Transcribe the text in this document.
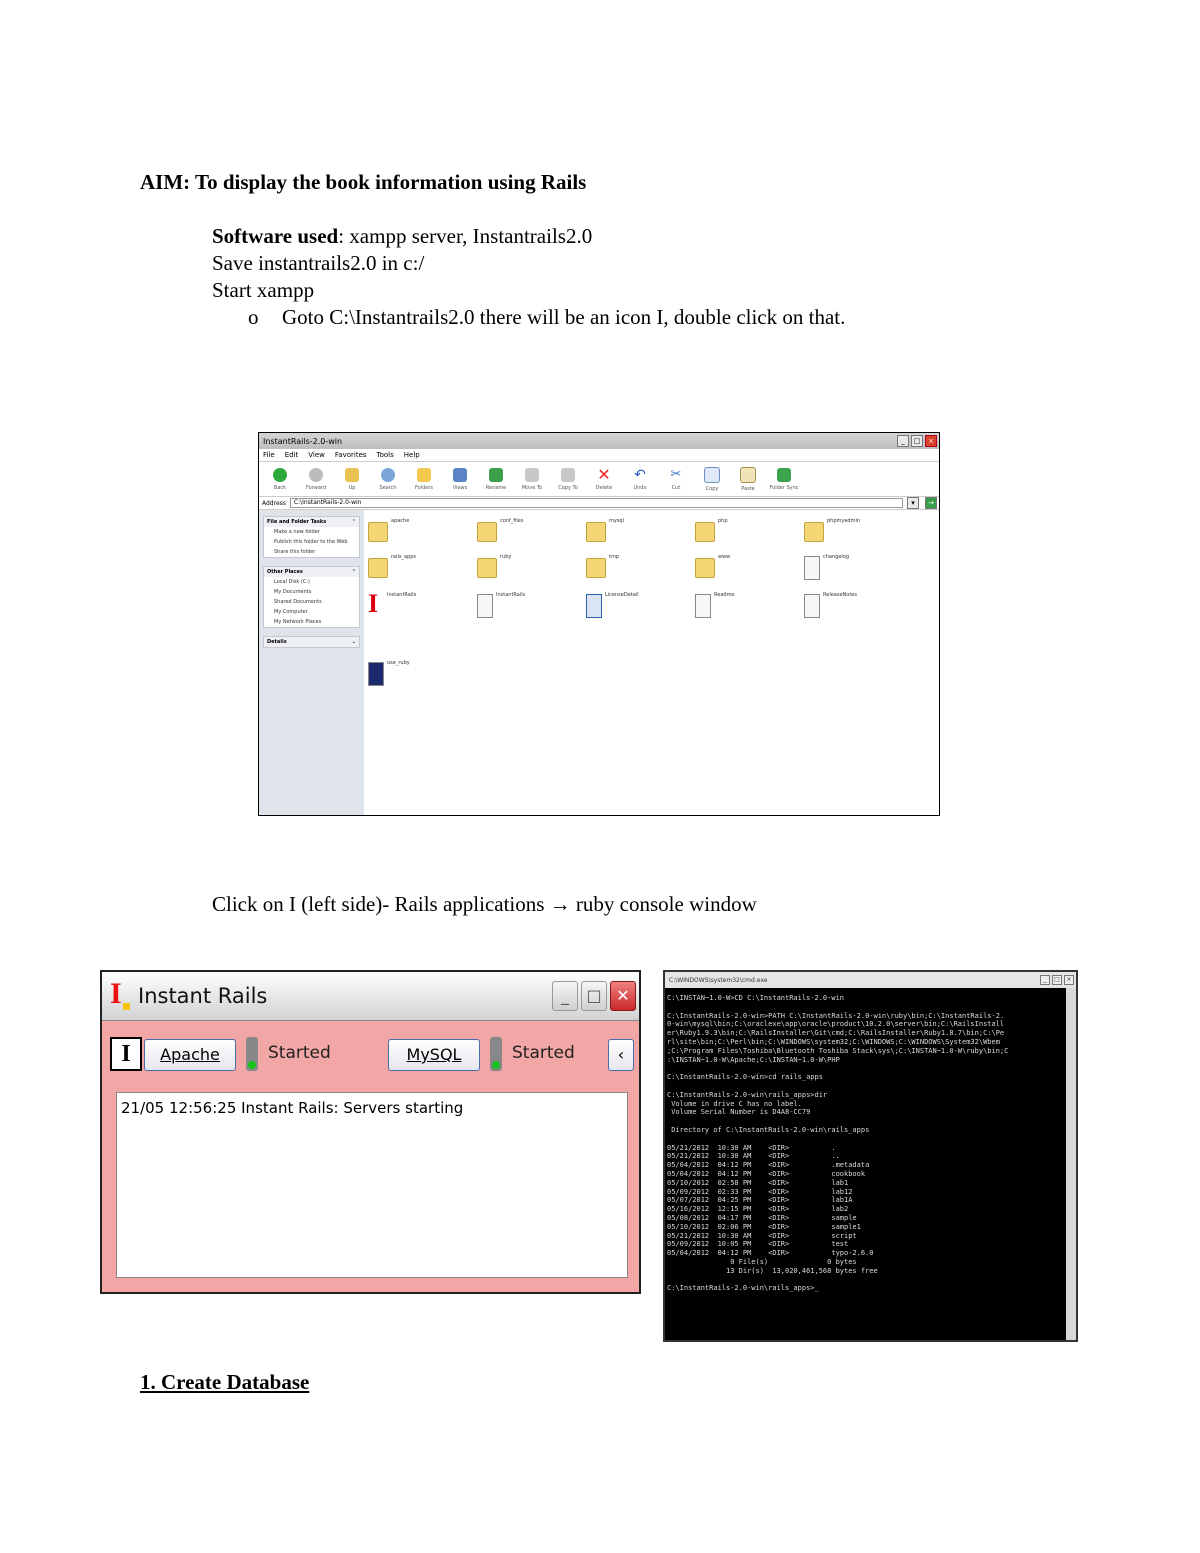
AIM: To display the book information using Rails
Software used: xampp server, Instantrails2.0
Save instantrails2.0 in c:/
Start xampp
o Goto C:\Instantrails2.0 there will be an icon I, double click on that.
InstantRails-2.0-win	_	□	×
File Edit View Favorites Tools Help
Back	Forward	Up	Search	Folders	Views	Rename	Move To	Copy To
✕
Delete
↶
Undo
✂
Cut	Copy	Paste	Folder Sync
Address	C:\InstantRails-2.0-win	▾	→
File and Folder Tasks	⌃
Make a new folder
Publish this folder to the Web
Share this folder
Other Places	⌃
Local Disk (C:)
My Documents
Shared Documents
My Computer
My Network Places
Details	⌄
apache	conf_files	mysql	php	phpmyadmin
rails_apps	ruby	tmp	www	changelog
I	InstantRails	InstantRails	LicenseDetail	Readme	ReleaseNotes
use_ruby
Click on I (left side)- Rails applications → ruby console window
I Instant Rails	_	□ ✕
I	Apache	Started	MySQL	Started	‹
21/05 12:56:25 Instant Rails: Servers starting
C:\WINDOWS\system32\cmd.exe	_	□	×
C:\INSTAN~1.0-W>CD C:\InstantRails-2.0-win

C:\InstantRails-2.0-win>PATH C:\InstantRails-2.0-win\ruby\bin;C:\InstantRails-2.
0-win\mysql\bin;C:\oraclexe\app\oracle\product\10.2.0\server\bin;C:\RailsInstall
er\Ruby1.9.3\bin;C:\RailsInstaller\Git\cmd;C:\RailsInstaller\Ruby1.8.7\bin;C:\Pe
rl\site\bin;C:\Perl\bin;C:\WINDOWS\system32;C:\WINDOWS;C:\WINDOWS\System32\Wbem
;C:\Program Files\Toshiba\Bluetooth Toshiba Stack\sys\;C:\INSTAN~1.0-W\ruby\bin;C
:\INSTAN~1.0-W\Apache;C:\INSTAN~1.0-W\PHP

C:\InstantRails-2.0-win>cd rails_apps

C:\InstantRails-2.0-win\rails_apps>dir
Volume in drive C has no label.
Volume Serial Number is D4A8-CC79

Directory of C:\InstantRails-2.0-win\rails_apps

05/21/2012  10:30 AM    <DIR>          .
05/21/2012  10:30 AM    <DIR>          ..
05/04/2012  04:12 PM    <DIR>          .metadata
05/04/2012  04:12 PM    <DIR>          cookbook
05/10/2012  02:58 PM    <DIR>          lab1
05/09/2012  02:33 PM    <DIR>          lab12
05/07/2012  04:25 PM    <DIR>          lab1A
05/16/2012  12:15 PM    <DIR>          lab2
05/08/2012  04:17 PM    <DIR>          sample
05/10/2012  02:06 PM    <DIR>          sample1
05/21/2012  10:30 AM    <DIR>          script
05/09/2012  10:05 PM    <DIR>          test
05/04/2012  04:12 PM    <DIR>          typo-2.6.0
0 File(s)              0 bytes
13 Dir(s)  13,020,461,568 bytes free

C:\InstantRails-2.0-win\rails_apps>_
1. Create Database
